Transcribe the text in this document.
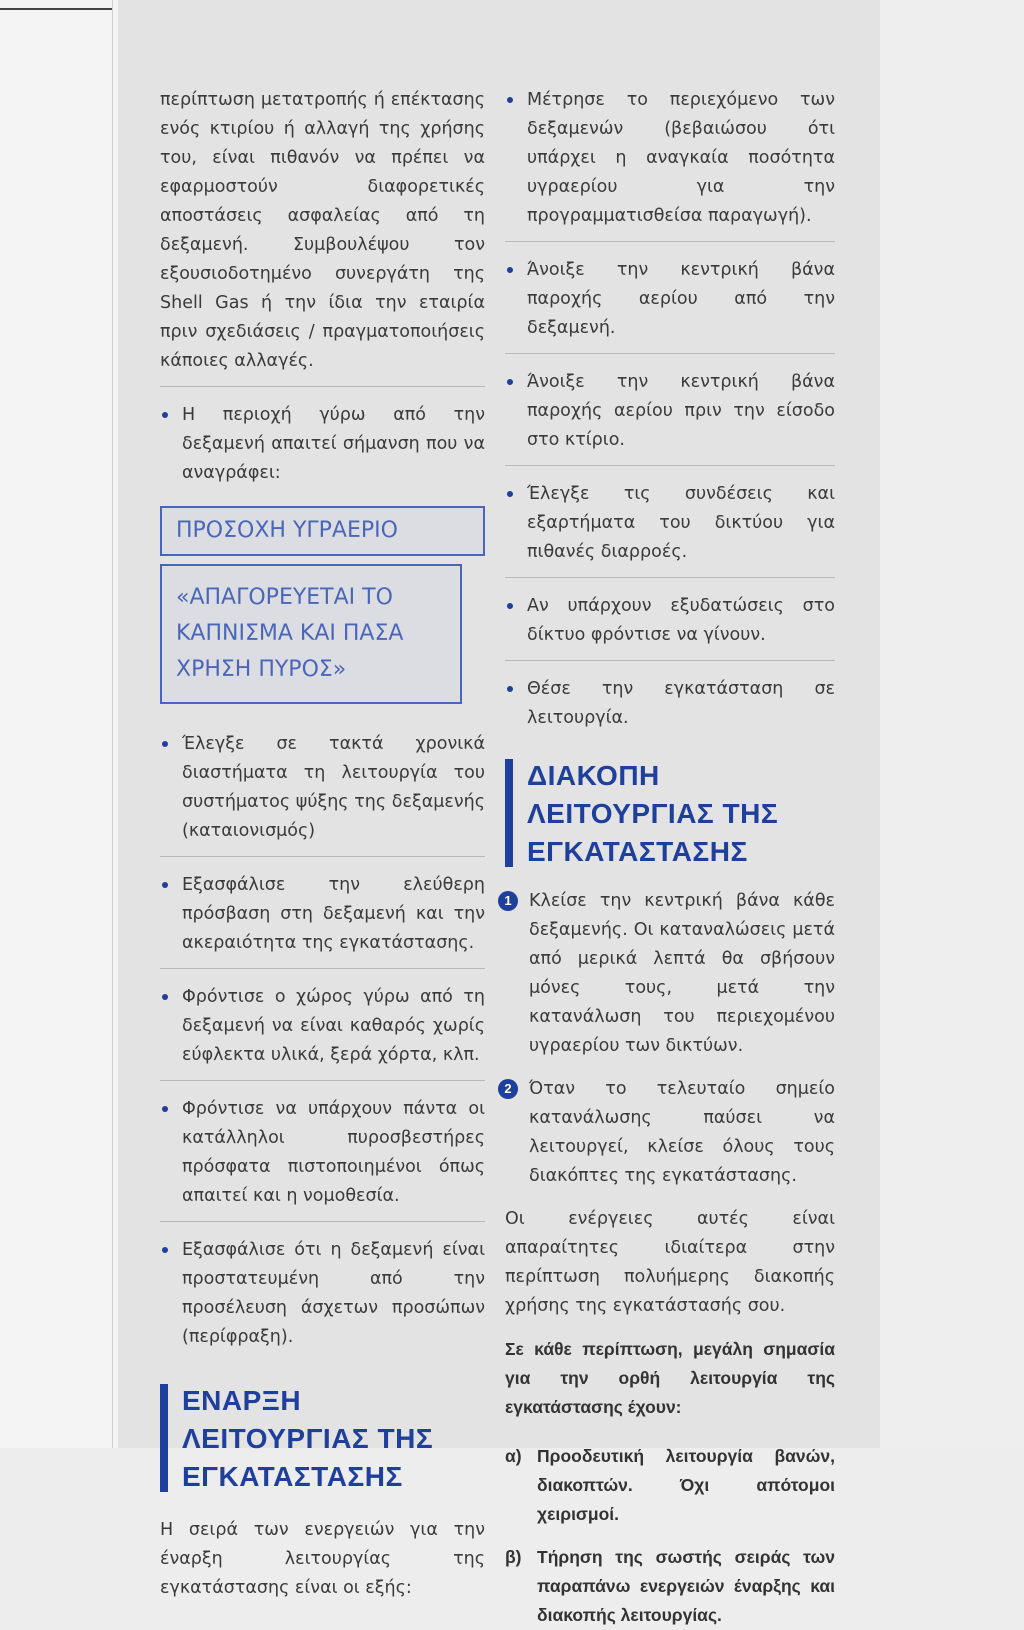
περίπτωση μετατροπής ή επέκτασης ενός κτιρίου ή αλλαγή της χρήσης του, είναι πιθανόν να πρέπει να εφαρμοστούν διαφορετικές αποστάσεις ασφαλείας από τη δεξαμενή. Συμβουλέψου τον εξουσιοδοτημένο συνεργάτη της Shell Gas ή την ίδια την εταιρία πριν σχεδιάσεις / πραγματοποιήσεις κάποιες αλλαγές.
Η περιοχή γύρω από την δεξαμενή απαιτεί σήμανση που να αναγράφει:
ΠΡΟΣΟΧΗ ΥΓΡΑΕΡΙΟ
«ΑΠΑΓΟΡΕΥΕΤΑΙ ΤΟ ΚΑΠΝΙΣΜΑ ΚΑΙ ΠΑΣΑ ΧΡΗΣΗ ΠΥΡΟΣ»
Έλεγξε σε τακτά χρονικά διαστήματα τη λειτουργία του συστήματος ψύξης της δεξαμενής (καταιονισμός)
Εξασφάλισε την ελεύθερη πρόσβαση στη δεξαμενή και την ακεραιότητα της εγκατάστασης.
Φρόντισε ο χώρος γύρω από τη δεξαμενή να είναι καθαρός χωρίς εύφλεκτα υλικά, ξερά χόρτα, κλπ.
Φρόντισε να υπάρχουν πάντα οι κατάλληλοι πυροσβεστήρες πρόσφατα πιστοποιημένοι όπως απαιτεί και η νομοθεσία.
Εξασφάλισε ότι η δεξαμενή είναι προστατευμένη από την προσέλευση άσχετων προσώπων (περίφραξη).
ΕΝΑΡΞΗ ΛΕΙΤΟΥΡΓΙΑΣ ΤΗΣ ΕΓΚΑΤΑΣΤΑΣΗΣ
Η σειρά των ενεργειών για την έναρξη λειτουργίας της εγκατάστασης είναι οι εξής:
Μέτρησε το περιεχόμενο των δεξαμενών (βεβαιώσου ότι υπάρχει η αναγκαία ποσότητα υγραερίου για την προγραμματισθείσα παραγωγή).
Άνοιξε την κεντρική βάνα παροχής αερίου από την δεξαμενή.
Άνοιξε την κεντρική βάνα παροχής αερίου πριν την είσοδο στο κτίριο.
Έλεγξε τις συνδέσεις και εξαρτήματα του δικτύου για πιθανές διαρροές.
Αν υπάρχουν εξυδατώσεις στο δίκτυο φρόντισε να γίνουν.
Θέσε την εγκατάσταση σε λειτουργία.
ΔΙΑΚΟΠΗ ΛΕΙΤΟΥΡΓΙΑΣ ΤΗΣ ΕΓΚΑΤΑΣΤΑΣΗΣ
1 Κλείσε την κεντρική βάνα κάθε δεξαμενής. Οι καταναλώσεις μετά από μερικά λεπτά θα σβήσουν μόνες τους, μετά την κατανάλωση του περιεχομένου υγραερίου των δικτύων.
2 Όταν το τελευταίο σημείο κατανάλωσης παύσει να λειτουργεί, κλείσε όλους τους διακόπτες της εγκατάστασης.
Οι ενέργειες αυτές είναι απαραίτητες ιδιαίτερα στην περίπτωση πολυήμερης διακοπής χρήσης της εγκατάστασής σου.
Σε κάθε περίπτωση, μεγάλη σημασία για την ορθή λειτουργία της εγκατάστασης έχουν:
α) Προοδευτική λειτουργία βανών, διακοπτών. Όχι απότομοι χειρισμοί.
β) Τήρηση της σωστής σειράς των παραπάνω ενεργειών έναρξης και διακοπής λειτουργίας.
